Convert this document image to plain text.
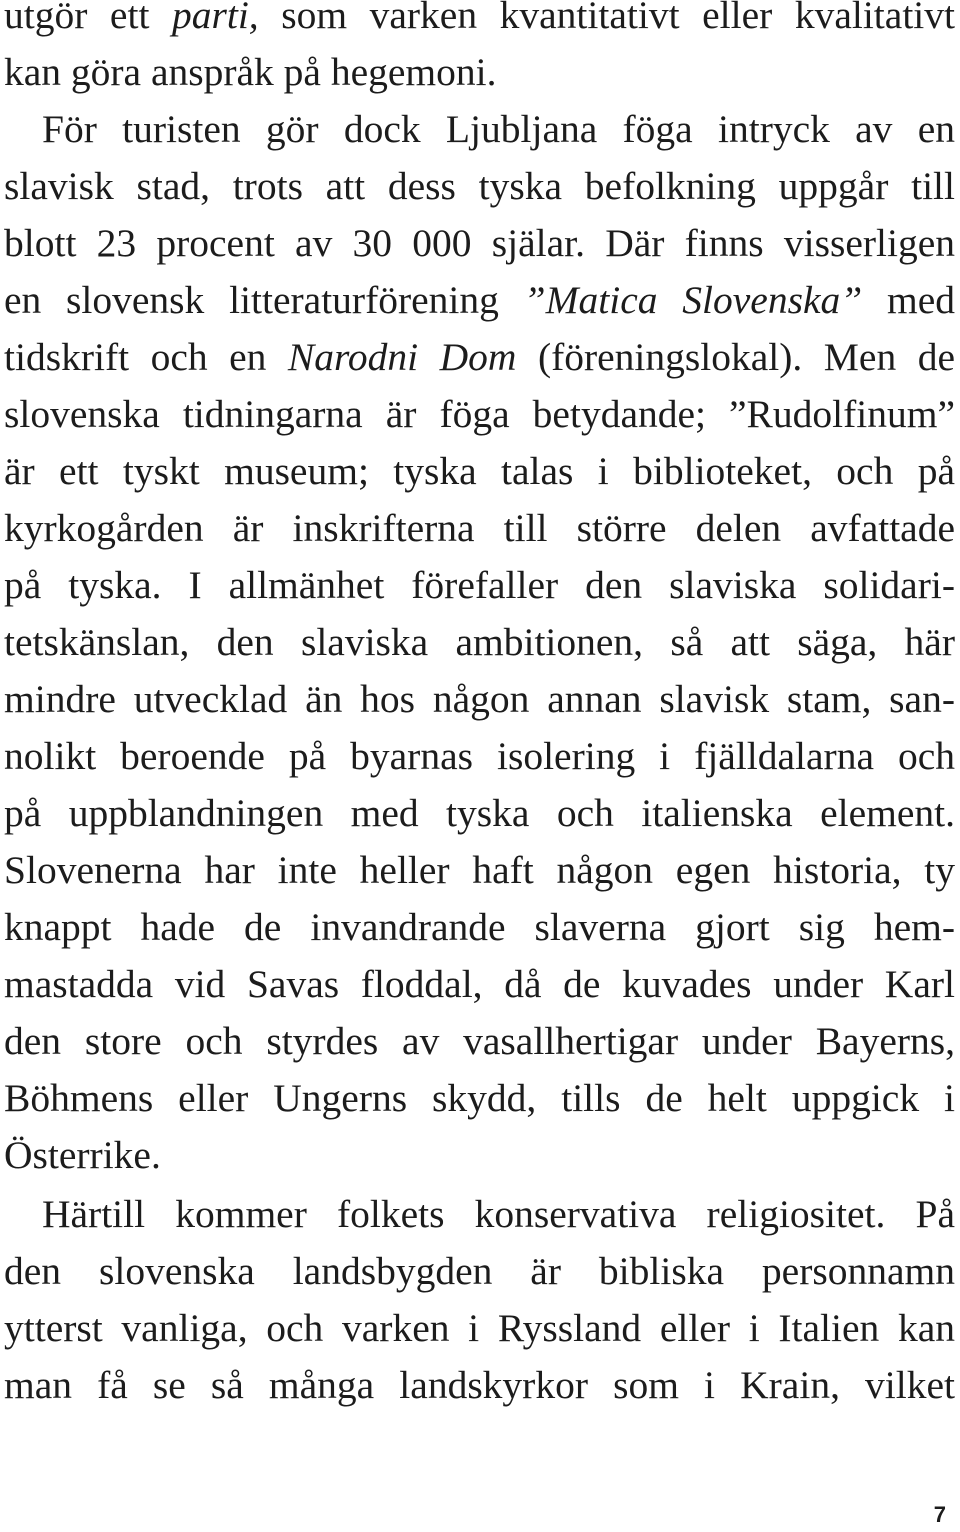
utgör ett parti, som varken kvantitativt eller kvalitativt
kan göra anspråk på hegemoni.
För turisten gör dock Ljubljana föga intryck av en
slavisk stad, trots att dess tyska befolkning uppgår till
blott 23 procent av 30 000 själar. Där finns visserligen
en slovensk litteraturförening ”Matica Slovenska” med
tidskrift och en Narodni Dom (föreningslokal). Men de
slovenska tidningarna är föga betydande; ”Rudolfinum”
är ett tyskt museum; tyska talas i biblioteket, och på
kyrkogården är inskrifterna till större delen avfattade
på tyska. I allmänhet förefaller den slaviska solidari-
tetskänslan, den slaviska ambitionen, så att säga, här
mindre utvecklad än hos någon annan slavisk stam, san-
nolikt beroende på byarnas isolering i fjälldalarna och
på uppblandningen med tyska och italienska element.
Slovenerna har inte heller haft någon egen historia, ty
knappt hade de invandrande slaverna gjort sig hem-
mastadda vid Savas floddal, då de kuvades under Karl
den store och styrdes av vasallhertigar under Bayerns,
Böhmens eller Ungerns skydd, tills de helt uppgick i
Österrike.
Härtill kommer folkets konservativa religiositet. På
den slovenska landsbygden är bibliska personnamn
ytterst vanliga, och varken i Ryssland eller i Italien kan
man få se så många landskyrkor som i Krain, vilket
7
